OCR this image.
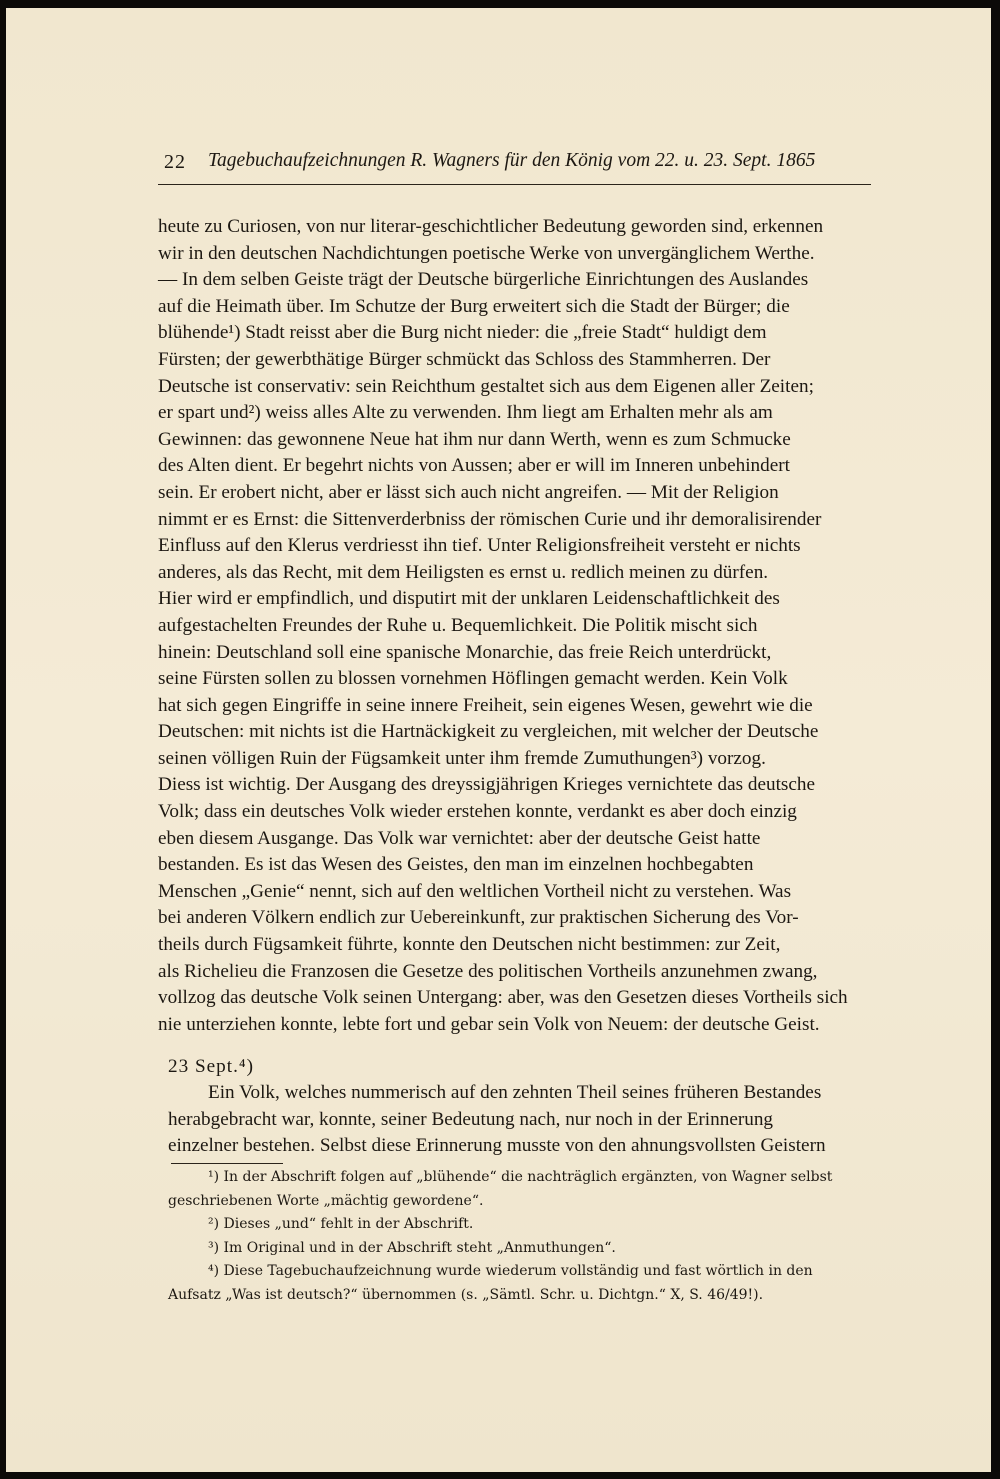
22 Tagebuchaufzeichnungen R. Wagners für den König vom 22. u. 23. Sept. 1865
heute zu Curiosen, von nur literar-geschichtlicher Bedeutung geworden sind, erkennen
wir in den deutschen Nachdichtungen poetische Werke von unvergänglichem Werthe.
— In dem selben Geiste trägt der Deutsche bürgerliche Einrichtungen des Auslandes
auf die Heimath über. Im Schutze der Burg erweitert sich die Stadt der Bürger; die
blühende¹) Stadt reisst aber die Burg nicht nieder: die „freie Stadt“ huldigt dem
Fürsten; der gewerbthätige Bürger schmückt das Schloss des Stammherren. Der
Deutsche ist conservativ: sein Reichthum gestaltet sich aus dem Eigenen aller Zeiten;
er spart und²) weiss alles Alte zu verwenden. Ihm liegt am Erhalten mehr als am
Gewinnen: das gewonnene Neue hat ihm nur dann Werth, wenn es zum Schmucke
des Alten dient. Er begehrt nichts von Aussen; aber er will im Inneren unbehindert
sein. Er erobert nicht, aber er lässt sich auch nicht angreifen. — Mit der Religion
nimmt er es Ernst: die Sittenverderbniss der römischen Curie und ihr demoralisirender
Einfluss auf den Klerus verdriesst ihn tief. Unter Religionsfreiheit versteht er nichts
anderes, als das Recht, mit dem Heiligsten es ernst u. redlich meinen zu dürfen.
Hier wird er empfindlich, und disputirt mit der unklaren Leidenschaftlichkeit des
aufgestachelten Freundes der Ruhe u. Bequemlichkeit. Die Politik mischt sich
hinein: Deutschland soll eine spanische Monarchie, das freie Reich unterdrückt,
seine Fürsten sollen zu blossen vornehmen Höflingen gemacht werden. Kein Volk
hat sich gegen Eingriffe in seine innere Freiheit, sein eigenes Wesen, gewehrt wie die
Deutschen: mit nichts ist die Hartnäckigkeit zu vergleichen, mit welcher der Deutsche
seinen völligen Ruin der Fügsamkeit unter ihm fremde Zumuthungen³) vorzog.
Diess ist wichtig. Der Ausgang des dreyssigjährigen Krieges vernichtete das deutsche
Volk; dass ein deutsches Volk wieder erstehen konnte, verdankt es aber doch einzig
eben diesem Ausgange. Das Volk war vernichtet: aber der deutsche Geist hatte
bestanden. Es ist das Wesen des Geistes, den man im einzelnen hochbegabten
Menschen „Genie“ nennt, sich auf den weltlichen Vortheil nicht zu verstehen. Was
bei anderen Völkern endlich zur Uebereinkunft, zur praktischen Sicherung des Vor-
theils durch Fügsamkeit führte, konnte den Deutschen nicht bestimmen: zur Zeit,
als Richelieu die Franzosen die Gesetze des politischen Vortheils anzunehmen zwang,
vollzog das deutsche Volk seinen Untergang: aber, was den Gesetzen dieses Vortheils sich
nie unterziehen konnte, lebte fort und gebar sein Volk von Neuem: der deutsche Geist.
23 Sept.⁴)
Ein Volk, welches nummerisch auf den zehnten Theil seines früheren Bestandes
herabgebracht war, konnte, seiner Bedeutung nach, nur noch in der Erinnerung
einzelner bestehen. Selbst diese Erinnerung musste von den ahnungsvollsten Geistern
¹) In der Abschrift folgen auf „blühende“ die nachträglich ergänzten, von Wagner selbst
geschriebenen Worte „mächtig gewordene“.
²) Dieses „und“ fehlt in der Abschrift.
³) Im Original und in der Abschrift steht „Anmuthungen“.
⁴) Diese Tagebuchaufzeichnung wurde wiederum vollständig und fast wörtlich in den
Aufsatz „Was ist deutsch?“ übernommen (s. „Sämtl. Schr. u. Dichtgn.“ X, S. 46/49!).
